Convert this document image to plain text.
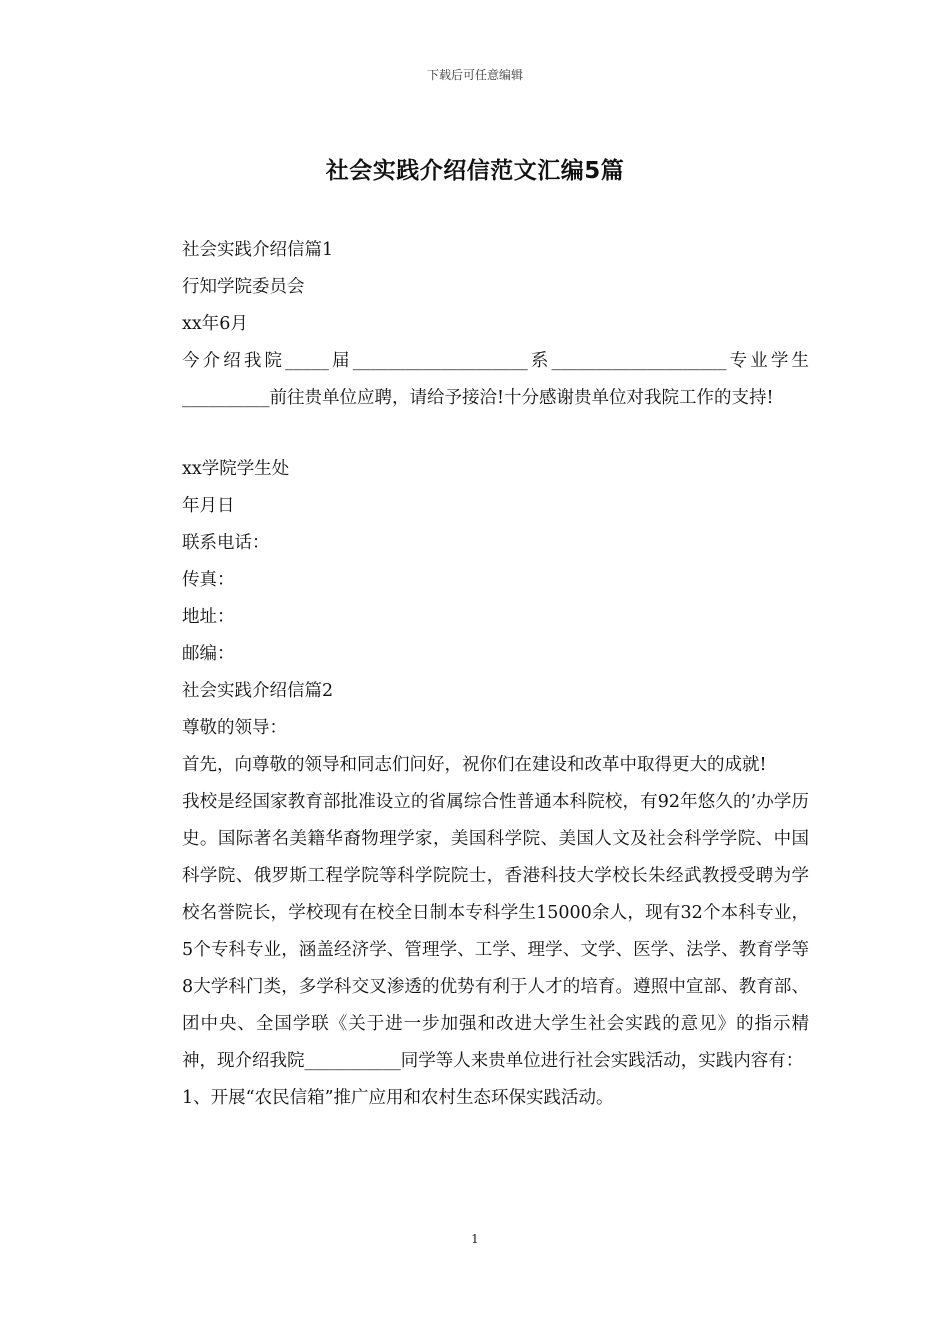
下载后可任意编辑
社会实践介绍信范文汇编5篇

社会实践介绍信篇1

行知学院委员会

xx年6月

今介绍我院_____届____________________系____________________专业学生__________前往贵单位应聘，请给予接洽!十分感谢贵单位对我院工作的支持!

xx学院学生处

年月日

联系电话：

传真：

地址：

邮编：

社会实践介绍信篇2

尊敬的领导：

首先，向尊敬的领导和同志们问好，祝你们在建设和改革中取得更大的成就!

我校是经国家教育部批准设立的省属综合性普通本科院校，有92年悠久的’办学历史。国际著名美籍华裔物理学家，美国科学院、美国人文及社会科学学院、中国科学院、俄罗斯工程学院等科学院院士，香港科技大学校长朱经武教授受聘为学校名誉院长，学校现有在校全日制本专科学生15000余人，现有32个本科专业，5个专科专业，涵盖经济学、管理学、工学、理学、文学、医学、法学、教育学等8大学科门类，多学科交叉渗透的优势有利于人才的培育。遵照中宣部、教育部、团中央、全国学联《关于进一步加强和改进大学生社会实践的意见》的指示精神，现介绍我院___________同学等人来贵单位进行社会实践活动，实践内容有：

1、开展“农民信箱”推广应用和农村生态环保实践活动。

1
